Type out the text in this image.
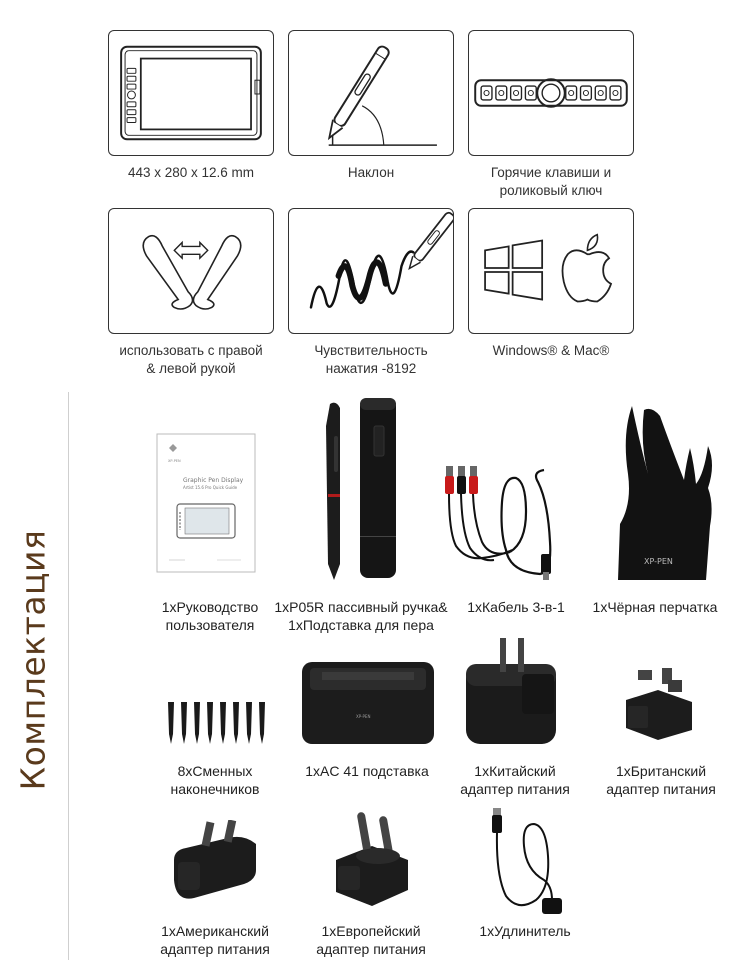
443 x 280 x 12.6 mm	Наклон	Горячие клавиши и
роликовый ключ
использовать с правой
& левой рукой
Чувствительность
нажатия -8192
Windows® & Mac®
Комплектация
XP-PEN
Graphic Pen Display
Artist 15.6 Pro Quick Guide
1xРуководство
пользователя
1xP05R пассивный ручка&
1xПодставка для пера
1xКабель 3-в-1
XP-PEN
1xЧёрная перчатка
8xСменных
наконечников
XP-PEN
1xAC 41 подставка	1xКитайский
адаптер питания
1xБританский
адаптер питания
1xАмериканский
адаптер питания
1xЕвропейский
адаптер питания
1xУдлинитель
